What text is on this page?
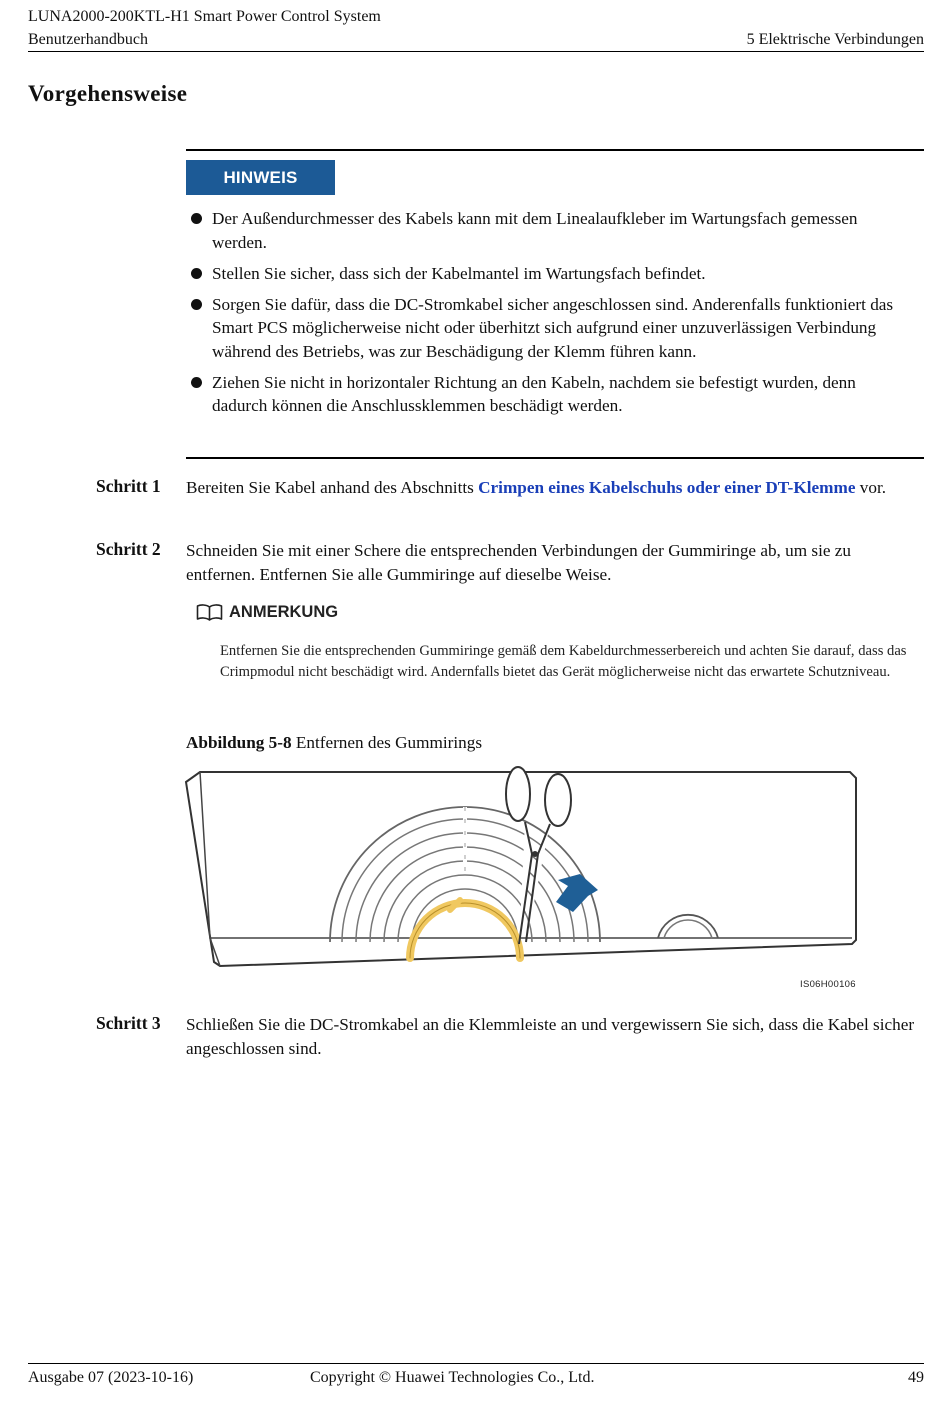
LUNA2000-200KTL-H1 Smart Power Control System
Benutzerhandbuch	5 Elektrische Verbindungen
Vorgehensweise
HINWEIS
Der Außendurchmesser des Kabels kann mit dem Linealaufkleber im Wartungsfach gemessen werden.
Stellen Sie sicher, dass sich der Kabelmantel im Wartungsfach befindet.
Sorgen Sie dafür, dass die DC-Stromkabel sicher angeschlossen sind. Anderenfalls funktioniert das Smart PCS möglicherweise nicht oder überhitzt sich aufgrund einer unzuverlässigen Verbindung während des Betriebs, was zur Beschädigung der Klemm führen kann.
Ziehen Sie nicht in horizontaler Richtung an den Kabeln, nachdem sie befestigt wurden, denn dadurch können die Anschlussklemmen beschädigt werden.
Schritt 1 Bereiten Sie Kabel anhand des Abschnitts Crimpen eines Kabelschuhs oder einer DT-Klemme vor.
Schritt 2 Schneiden Sie mit einer Schere die entsprechenden Verbindungen der Gummiringe ab, um sie zu entfernen. Entfernen Sie alle Gummiringe auf dieselbe Weise.
ANMERKUNG
Entfernen Sie die entsprechenden Gummiringe gemäß dem Kabeldurchmesserbereich und achten Sie darauf, dass das Crimpmodul nicht beschädigt wird. Andernfalls bietet das Gerät möglicherweise nicht das erwartete Schutzniveau.
Abbildung 5-8 Entfernen des Gummirings
IS06H00106
Schritt 3 Schließen Sie die DC-Stromkabel an die Klemmleiste an und vergewissern Sie sich, dass die Kabel sicher angeschlossen sind.
Ausgabe 07 (2023-10-16)	Copyright © Huawei Technologies Co., Ltd.	49
